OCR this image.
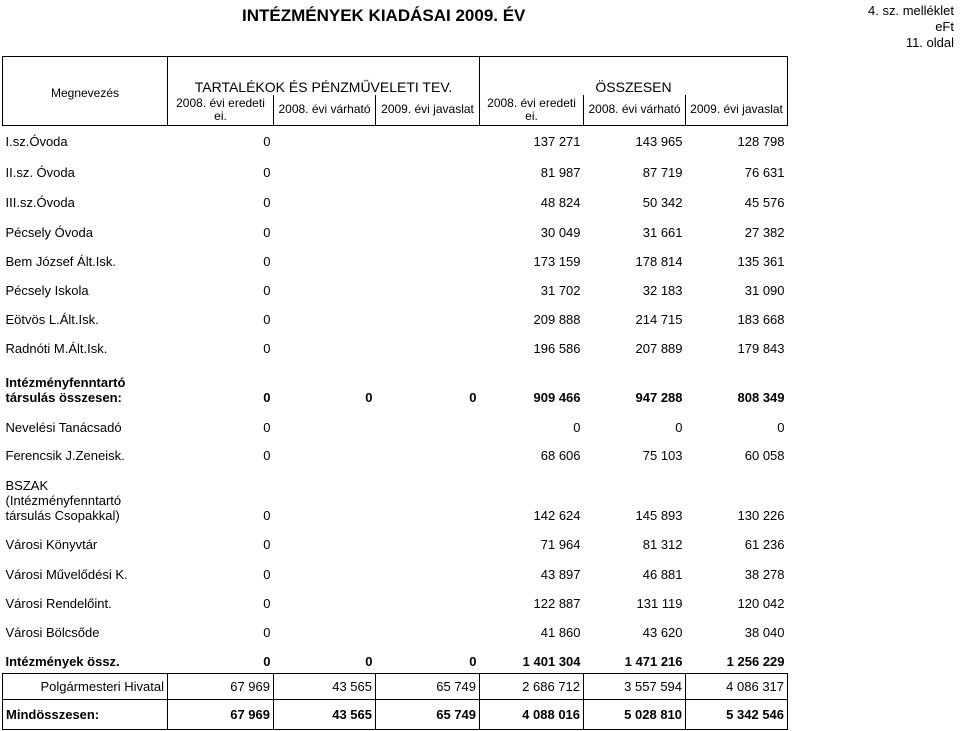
INTÉZMÉNYEK KIADÁSAI 2009. ÉV	4. sz. melléklet
eFt
11. oldal
Megnevezés	TARTALÉKOK ÉS PÉNZMŰVELETI TEV.			ÖSSZESEN		
	2008. évi eredeti ei.	2008. évi várható	2009. évi javaslat	2008. évi eredeti ei.	2008. évi várható	2009. évi javaslat
I.sz.Óvoda	0			137 271	143 965	128 798
II.sz. Óvoda	0			81 987	87 719	76 631
III.sz.Óvoda	0			48 824	50 342	45 576
Pécsely Óvoda	0			30 049	31 661	27 382
Bem József Ált.Isk.	0			173 159	178 814	135 361
Pécsely Iskola	0			31 702	32 183	31 090
Eötvös L.Ált.Isk.	0			209 888	214 715	183 668
Radnóti M.Ált.Isk.	0			196 586	207 889	179 843
Intézményfenntartó társulás összesen:	0	0	0	909 466	947 288	808 349
Nevelési Tanácsadó	0			0	0	0
Ferencsik J.Zeneisk.	0			68 606	75 103	60 058
BSZAK (Intézményfenntartó társulás Csopakkal)	0			142 624	145 893	130 226
Városi Könyvtár	0			71 964	81 312	61 236
Városi Művelődési K.	0			43 897	46 881	38 278
Városi Rendelőint.	0			122 887	131 119	120 042
Városi Bölcsőde	0			41 860	43 620	38 040
Intézmények össz.	0	0	0	1 401 304	1 471 216	1 256 229
Polgármesteri Hivatal	67 969	43 565	65 749	2 686 712	3 557 594	4 086 317
Mindösszesen:	67 969	43 565	65 749	4 088 016	5 028 810	5 342 546
